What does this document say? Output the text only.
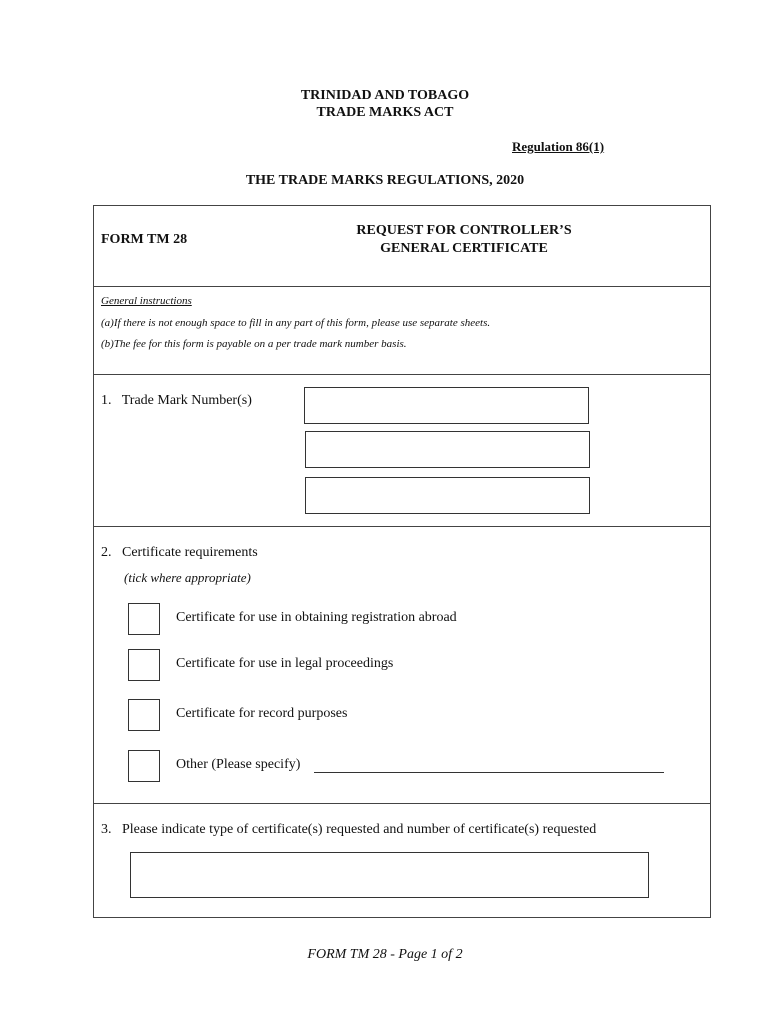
TRINIDAD AND TOBAGO
TRADE MARKS ACT
Regulation 86(1)
THE TRADE MARKS REGULATIONS, 2020
FORM TM 28
REQUEST FOR CONTROLLER’S
GENERAL CERTIFICATE
General instructions
(a)If there is not enough space to fill in any part of this form, please use separate sheets.
(b)The fee for this form is payable on a per trade mark number basis.
1.   Trade Mark Number(s)
2.   Certificate requirements
(tick where appropriate)
Certificate for use in obtaining registration abroad
Certificate for use in legal proceedings
Certificate for record purposes
Other (Please specify)
3.   Please indicate type of certificate(s) requested and number of certificate(s) requested
FORM TM 28 - Page 1 of 2
